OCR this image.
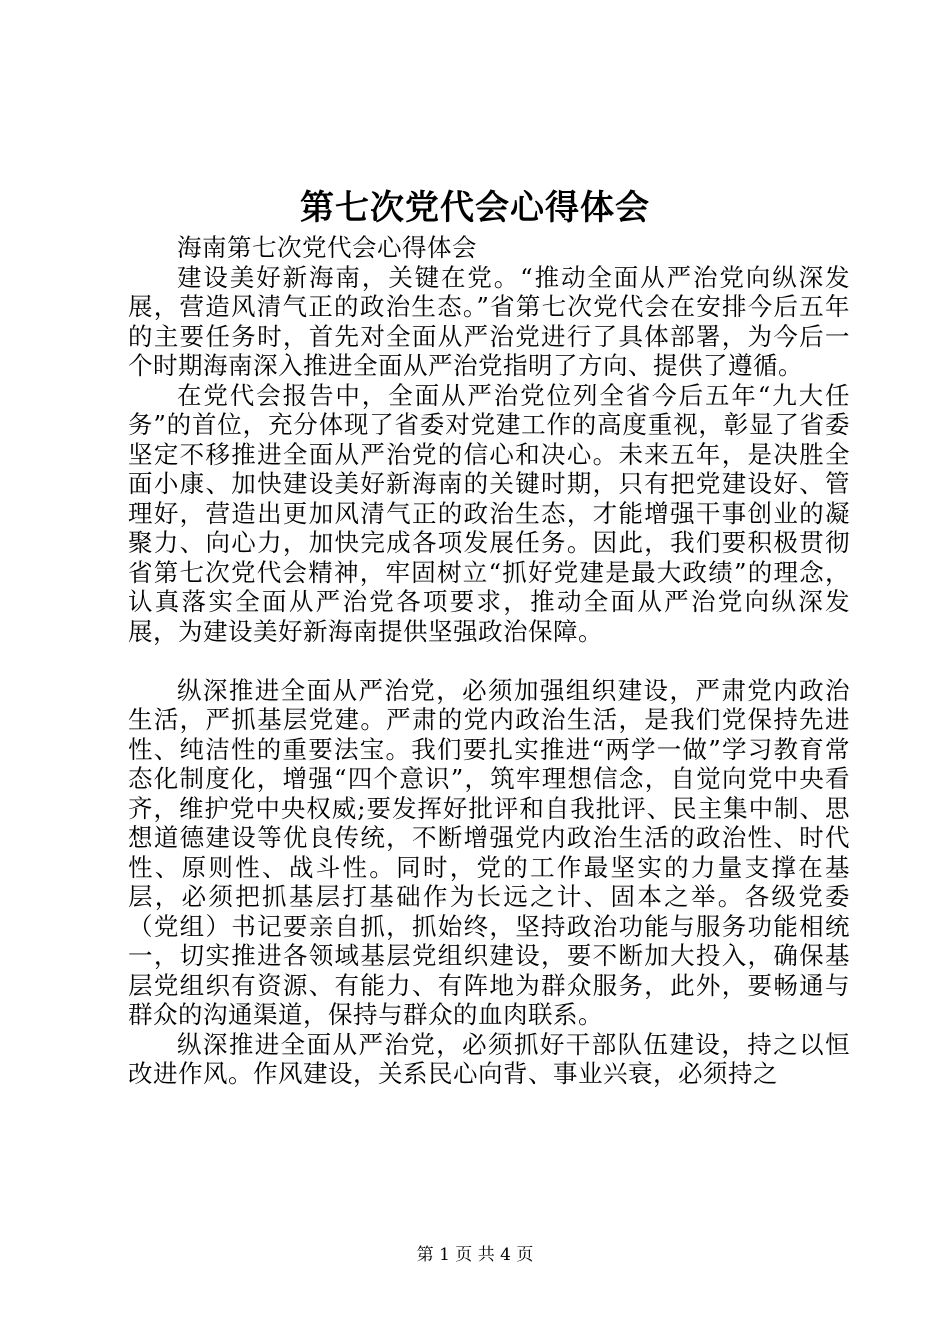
第七次党代会心得体会

海南第七次党代会心得体会

建设美好新海南，关键在党。“推动全面从严治党向纵深发展，营造风清气正的政治生态。”省第七次党代会在安排今后五年的主要任务时，首先对全面从严治党进行了具体部署，为今后一个时期海南深入推进全面从严治党指明了方向、提供了遵循。

在党代会报告中，全面从严治党位列全省今后五年“九大任务”的首位，充分体现了省委对党建工作的高度重视，彰显了省委坚定不移推进全面从严治党的信心和决心。未来五年，是决胜全面小康、加快建设美好新海南的关键时期，只有把党建设好、管理好，营造出更加风清气正的政治生态，才能增强干事创业的凝聚力、向心力，加快完成各项发展任务。因此，我们要积极贯彻省第七次党代会精神，牢固树立“抓好党建是最大政绩”的理念，认真落实全面从严治党各项要求，推动全面从严治党向纵深发展，为建设美好新海南提供坚强政治保障。

纵深推进全面从严治党，必须加强组织建设，严肃党内政治生活，严抓基层党建。严肃的党内政治生活，是我们党保持先进性、纯洁性的重要法宝。我们要扎实推进“两学一做”学习教育常态化制度化，增强“四个意识”，筑牢理想信念，自觉向党中央看齐，维护党中央权威;要发挥好批评和自我批评、民主集中制、思想道德建设等优良传统，不断增强党内政治生活的政治性、时代性、原则性、战斗性。同时，党的工作最坚实的力量支撑在基层，必须把抓基层打基础作为长远之计、固本之举。各级党委（党组）书记要亲自抓，抓始终，坚持政治功能与服务功能相统一，切实推进各领域基层党组织建设，要不断加大投入，确保基层党组织有资源、有能力、有阵地为群众服务，此外，要畅通与群众的沟通渠道，保持与群众的血肉联系。

纵深推进全面从严治党，必须抓好干部队伍建设，持之以恒改进作风。作风建设，关系民心向背、事业兴衰，必须持之

第 1 页 共 4 页
